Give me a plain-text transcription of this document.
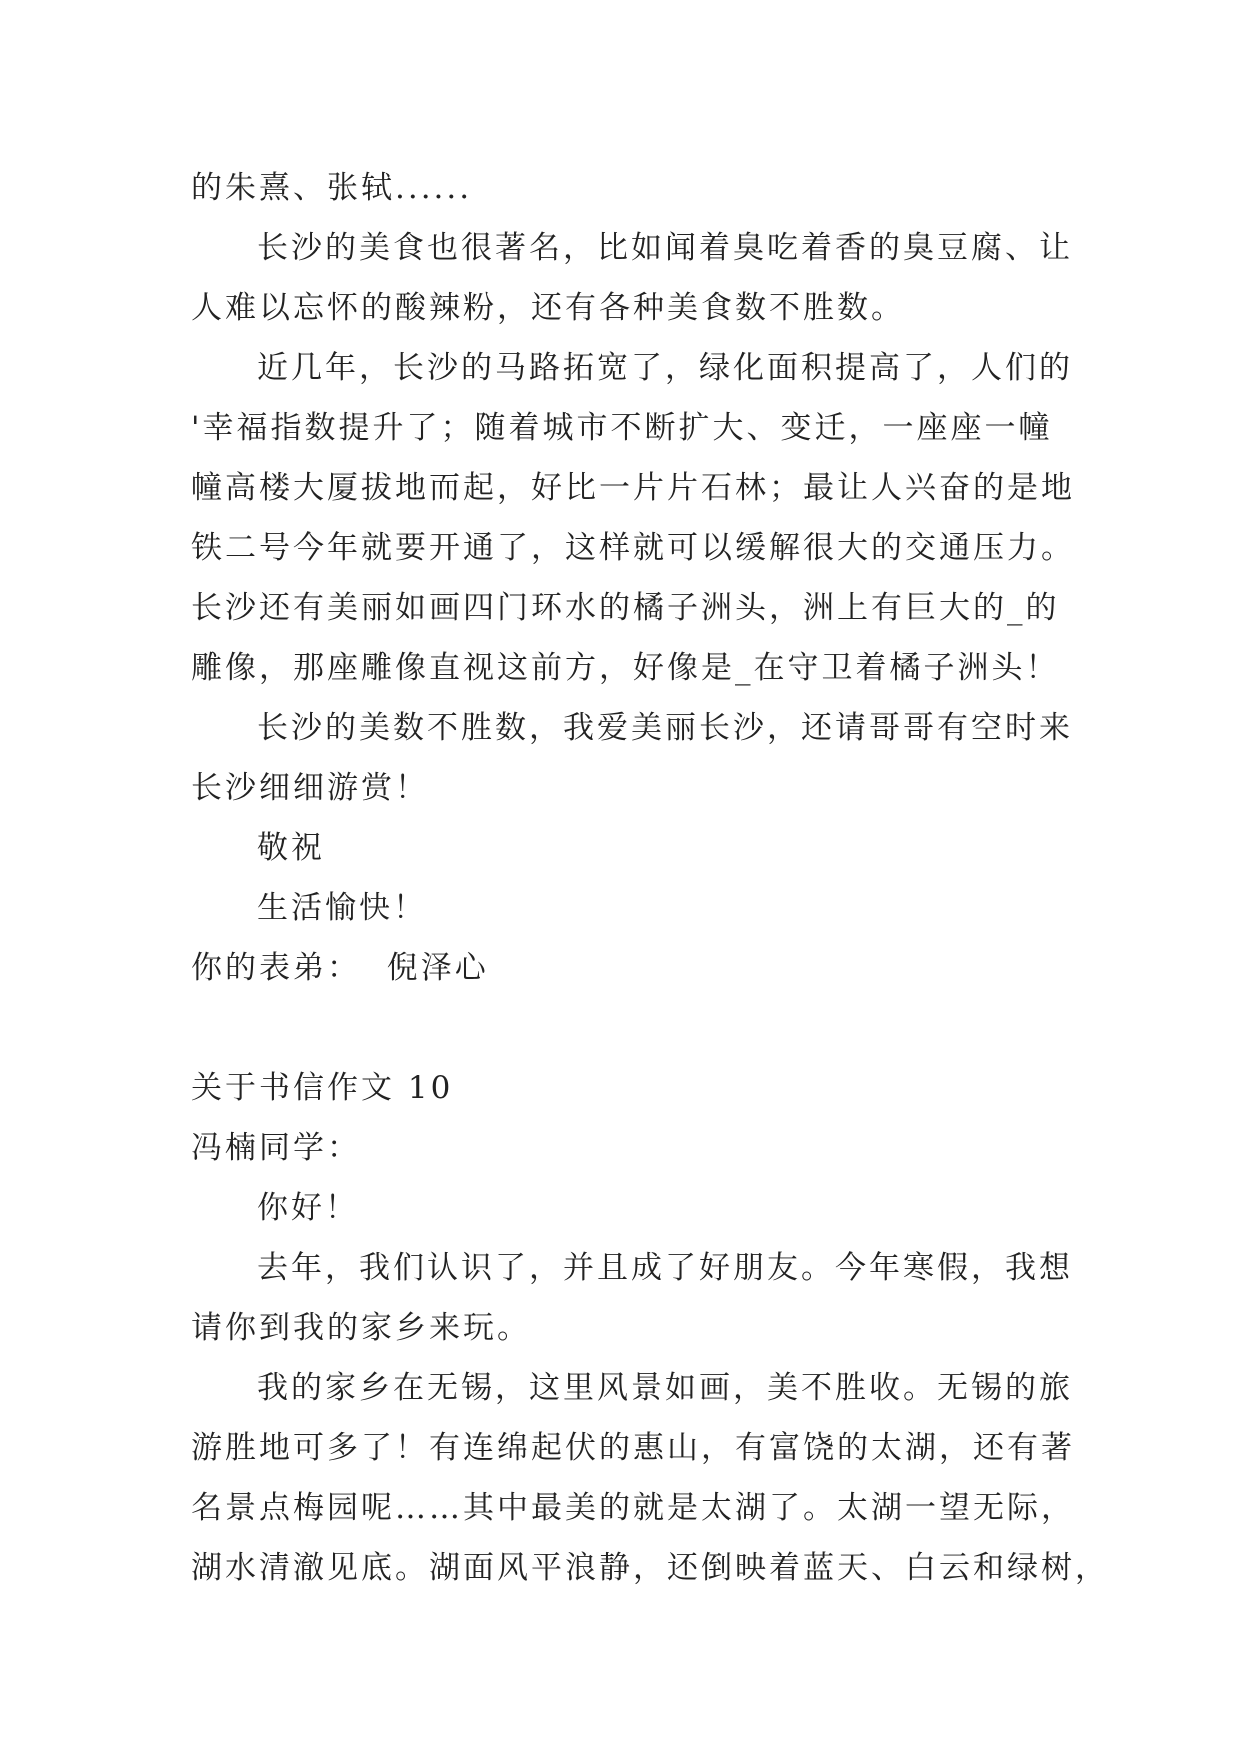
的朱熹、张轼......
长沙的美食也很著名，比如闻着臭吃着香的臭豆腐、让
人难以忘怀的酸辣粉，还有各种美食数不胜数。
近几年，长沙的马路拓宽了，绿化面积提高了，人们的
'幸福指数提升了；随着城市不断扩大、变迁，一座座一幢
幢高楼大厦拔地而起，好比一片片石林；最让人兴奋的是地
铁二号今年就要开通了，这样就可以缓解很大的交通压力。
长沙还有美丽如画四门环水的橘子洲头，洲上有巨大的_的
雕像，那座雕像直视这前方，好像是_在守卫着橘子洲头！
长沙的美数不胜数，我爱美丽长沙，还请哥哥有空时来
长沙细细游赏！
敬祝
生活愉快！
你的表弟：  倪泽心
关于书信作文 10
冯楠同学：
你好！
去年，我们认识了，并且成了好朋友。今年寒假，我想
请你到我的家乡来玩。
我的家乡在无锡，这里风景如画，美不胜收。无锡的旅
游胜地可多了！有连绵起伏的惠山，有富饶的太湖，还有著
名景点梅园呢……其中最美的就是太湖了。太湖一望无际，
湖水清澈见底。湖面风平浪静，还倒映着蓝天、白云和绿树，
